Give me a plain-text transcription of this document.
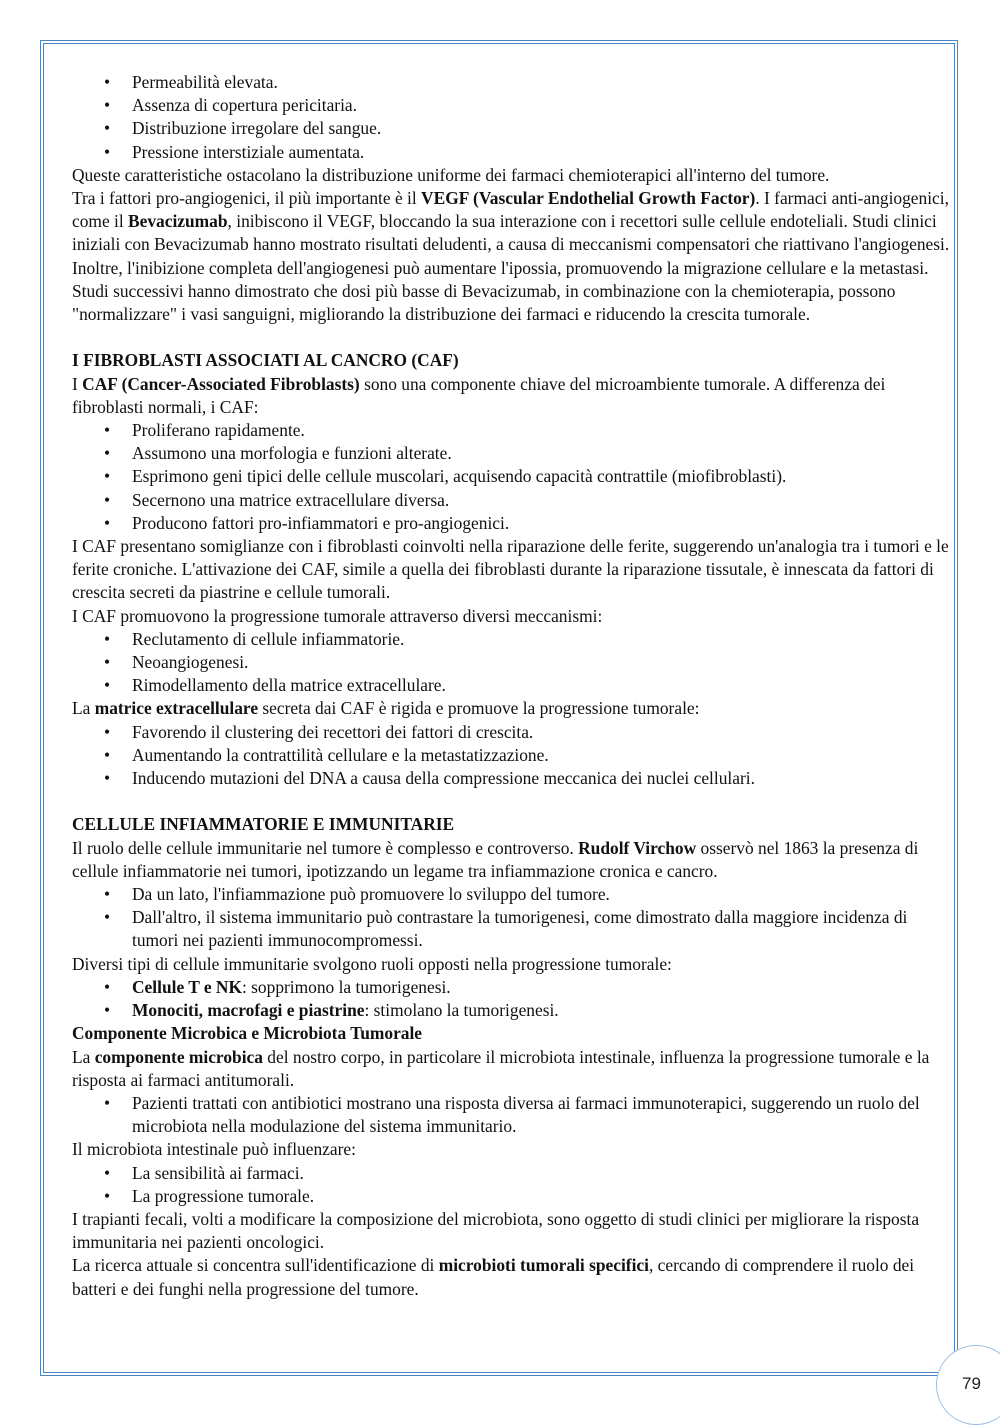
• Permeabilità elevata.
• Assenza di copertura pericitaria.
• Distribuzione irregolare del sangue.
• Pressione interstiziale aumentata.

Queste caratteristiche ostacolano la distribuzione uniforme dei farmaci chemioterapici all'interno del tumore.

Tra i fattori pro-angiogenici, il più importante è il VEGF (Vascular Endothelial Growth Factor). I farmaci anti-angiogenici, come il Bevacizumab, inibiscono il VEGF, bloccando la sua interazione con i recettori sulle cellule endoteliali. Studi clinici iniziali con Bevacizumab hanno mostrato risultati deludenti, a causa di meccanismi compensatori che riattivano l'angiogenesi.

Inoltre, l'inibizione completa dell'angiogenesi può aumentare l'ipossia, promuovendo la migrazione cellulare e la metastasi. Studi successivi hanno dimostrato che dosi più basse di Bevacizumab, in combinazione con la chemioterapia, possono "normalizzare" i vasi sanguigni, migliorando la distribuzione dei farmaci e riducendo la crescita tumorale.

I FIBROBLASTI ASSOCIATI AL CANCRO (CAF)

I CAF (Cancer-Associated Fibroblasts) sono una componente chiave del microambiente tumorale. A differenza dei fibroblasti normali, i CAF:

• Proliferano rapidamente.
• Assumono una morfologia e funzioni alterate.
• Esprimono geni tipici delle cellule muscolari, acquisendo capacità contrattile (miofibroblasti).
• Secernono una matrice extracellulare diversa.
• Producono fattori pro-infiammatori e pro-angiogenici.

I CAF presentano somiglianze con i fibroblasti coinvolti nella riparazione delle ferite, suggerendo un'analogia tra i tumori e le ferite croniche. L'attivazione dei CAF, simile a quella dei fibroblasti durante la riparazione tissutale, è innescata da fattori di crescita secreti da piastrine e cellule tumorali.

I CAF promuovono la progressione tumorale attraverso diversi meccanismi:

• Reclutamento di cellule infiammatorie.
• Neoangiogenesi.
• Rimodellamento della matrice extracellulare.

La matrice extracellulare secreta dai CAF è rigida e promuove la progressione tumorale:

• Favorendo il clustering dei recettori dei fattori di crescita.
• Aumentando la contrattilità cellulare e la metastatizzazione.
• Inducendo mutazioni del DNA a causa della compressione meccanica dei nuclei cellulari.

CELLULE INFIAMMATORIE E IMMUNITARIE

Il ruolo delle cellule immunitarie nel tumore è complesso e controverso. Rudolf Virchow osservò nel 1863 la presenza di cellule infiammatorie nei tumori, ipotizzando un legame tra infiammazione cronica e cancro.

• Da un lato, l'infiammazione può promuovere lo sviluppo del tumore.
• Dall'altro, il sistema immunitario può contrastare la tumorigenesi, come dimostrato dalla maggiore incidenza di tumori nei pazienti immunocompromessi.

Diversi tipi di cellule immunitarie svolgono ruoli opposti nella progressione tumorale:

• Cellule T e NK: sopprimono la tumorigenesi.
• Monociti, macrofagi e piastrine: stimolano la tumorigenesi.

Componente Microbica e Microbiota Tumorale

La componente microbica del nostro corpo, in particolare il microbiota intestinale, influenza la progressione tumorale e la risposta ai farmaci antitumorali.

• Pazienti trattati con antibiotici mostrano una risposta diversa ai farmaci immunoterapici, suggerendo un ruolo del microbiota nella modulazione del sistema immunitario.

Il microbiota intestinale può influenzare:

• La sensibilità ai farmaci.
• La progressione tumorale.

I trapianti fecali, volti a modificare la composizione del microbiota, sono oggetto di studi clinici per migliorare la risposta immunitaria nei pazienti oncologici.

La ricerca attuale si concentra sull'identificazione di microbioti tumorali specifici, cercando di comprendere il ruolo dei batteri e dei funghi nella progressione del tumore.

79
